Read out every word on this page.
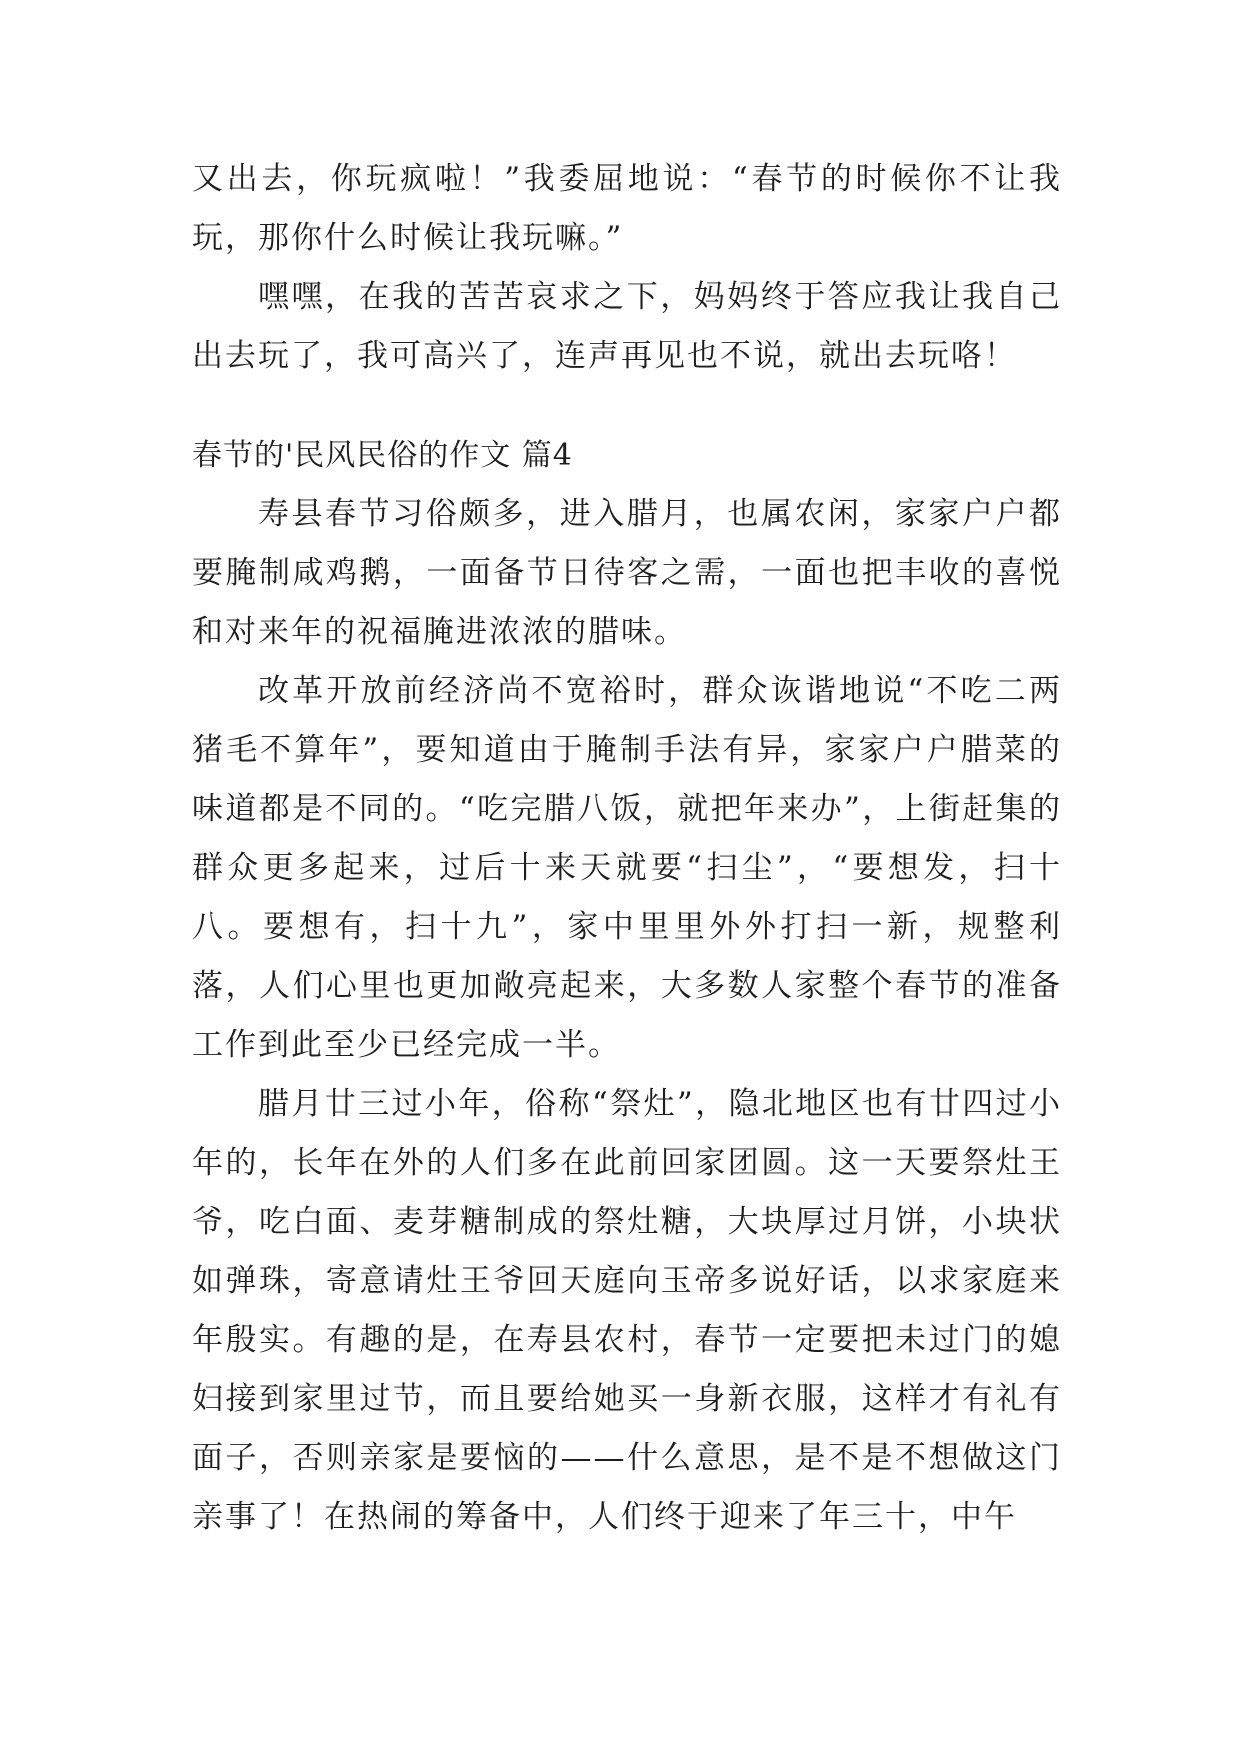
又出去，你玩疯啦！”我委屈地说：“春节的时候你不让我玩，那你什么时候让我玩嘛。”

嘿嘿，在我的苦苦哀求之下，妈妈终于答应我让我自己出去玩了，我可高兴了，连声再见也不说，就出去玩咯！

春节的'民风民俗的作文 篇4

寿县春节习俗颇多，进入腊月，也属农闲，家家户户都要腌制咸鸡鹅，一面备节日待客之需，一面也把丰收的喜悦和对来年的祝福腌进浓浓的腊味。

改革开放前经济尚不宽裕时，群众诙谐地说“不吃二两猪毛不算年”，要知道由于腌制手法有异，家家户户腊菜的味道都是不同的。“吃完腊八饭，就把年来办”，上街赶集的群众更多起来，过后十来天就要“扫尘”，“要想发，扫十八。要想有，扫十九”，家中里里外外打扫一新，规整利落，人们心里也更加敞亮起来，大多数人家整个春节的准备工作到此至少已经完成一半。

腊月廿三过小年，俗称“祭灶”，隐北地区也有廿四过小年的，长年在外的人们多在此前回家团圆。这一天要祭灶王爷，吃白面、麦芽糖制成的祭灶糖，大块厚过月饼，小块状如弹珠，寄意请灶王爷回天庭向玉帝多说好话，以求家庭来年殷实。有趣的是，在寿县农村，春节一定要把未过门的媳妇接到家里过节，而且要给她买一身新衣服，这样才有礼有面子，否则亲家是要恼的——什么意思，是不是不想做这门亲事了！在热闹的筹备中，人们终于迎来了年三十，中午
